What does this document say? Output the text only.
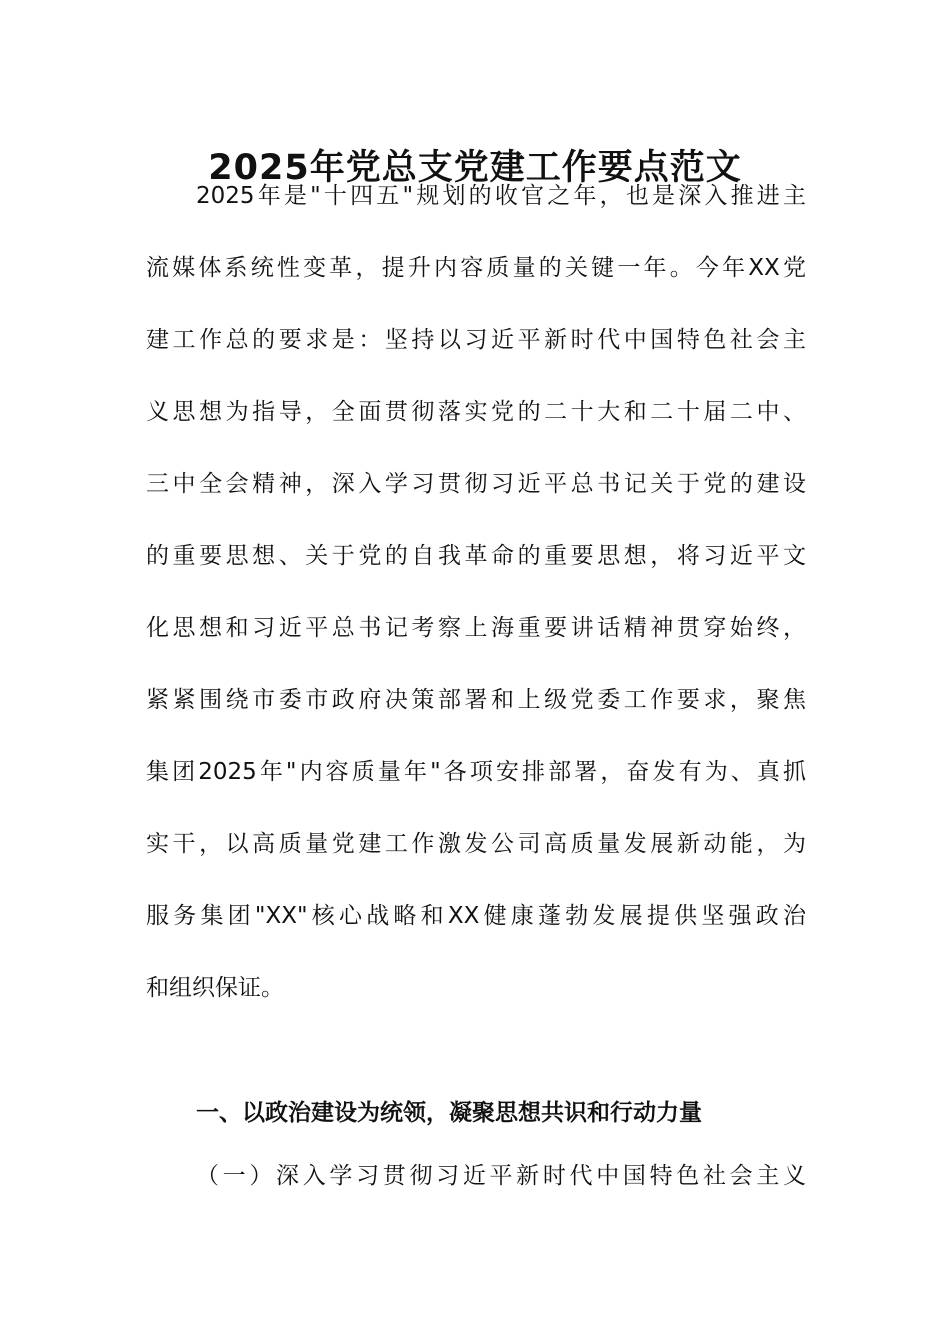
2025年党总支党建工作要点范文
2025年是"十四五"规划的收官之年，也是深入推进主
流媒体系统性变革，提升内容质量的关键一年。今年XX党
建工作总的要求是：坚持以习近平新时代中国特色社会主
义思想为指导，全面贯彻落实党的二十大和二十届二中、
三中全会精神，深入学习贯彻习近平总书记关于党的建设
的重要思想、关于党的自我革命的重要思想，将习近平文
化思想和习近平总书记考察上海重要讲话精神贯穿始终，
紧紧围绕市委市政府决策部署和上级党委工作要求，聚焦
集团2025年"内容质量年"各项安排部署，奋发有为、真抓
实干，以高质量党建工作激发公司高质量发展新动能，为
服务集团"XX"核心战略和XX健康蓬勃发展提供坚强政治
和组织保证。
一、以政治建设为统领，凝聚思想共识和行动力量
（一）深入学习贯彻习近平新时代中国特色社会主义
